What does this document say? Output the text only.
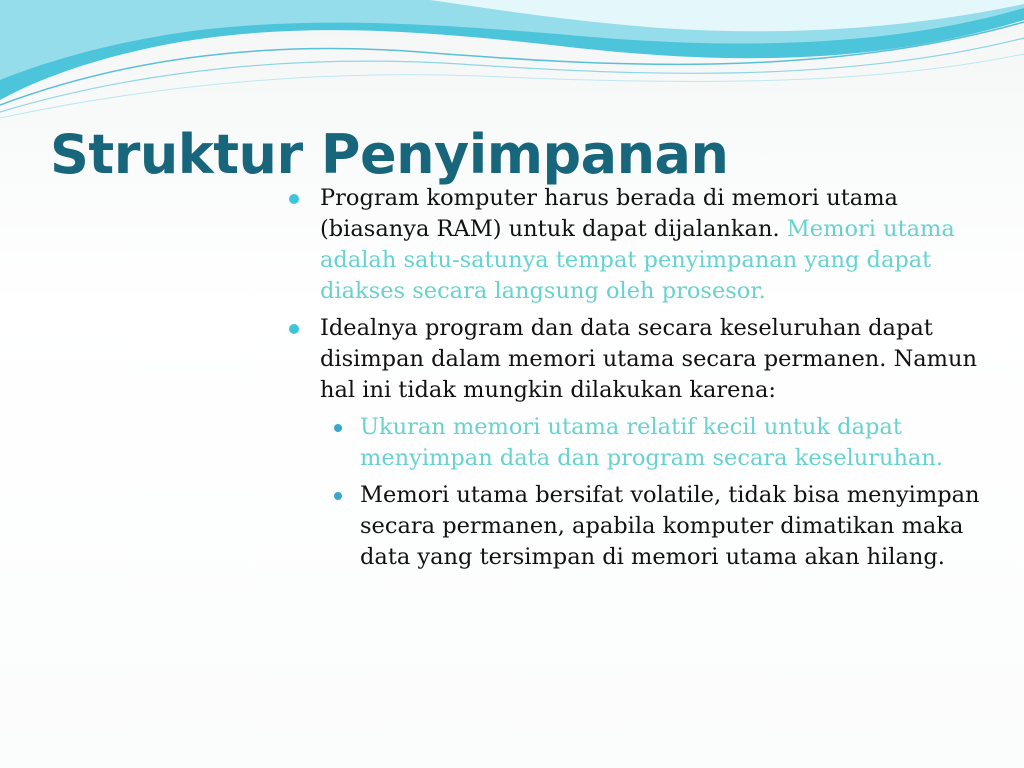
Struktur Penyimpanan
Program komputer harus berada di memori utama (biasanya RAM) untuk dapat dijalankan. Memori utama adalah satu-satunya tempat penyimpanan yang dapat diakses secara langsung oleh prosesor.
Idealnya program dan data secara keseluruhan dapat disimpan dalam memori utama secara permanen. Namun hal ini tidak mungkin dilakukan karena:
Ukuran memori utama relatif kecil untuk dapat menyimpan data dan program secara keseluruhan.
Memori utama bersifat volatile, tidak bisa menyimpan secara permanen, apabila komputer dimatikan maka data yang tersimpan di memori utama akan hilang.
